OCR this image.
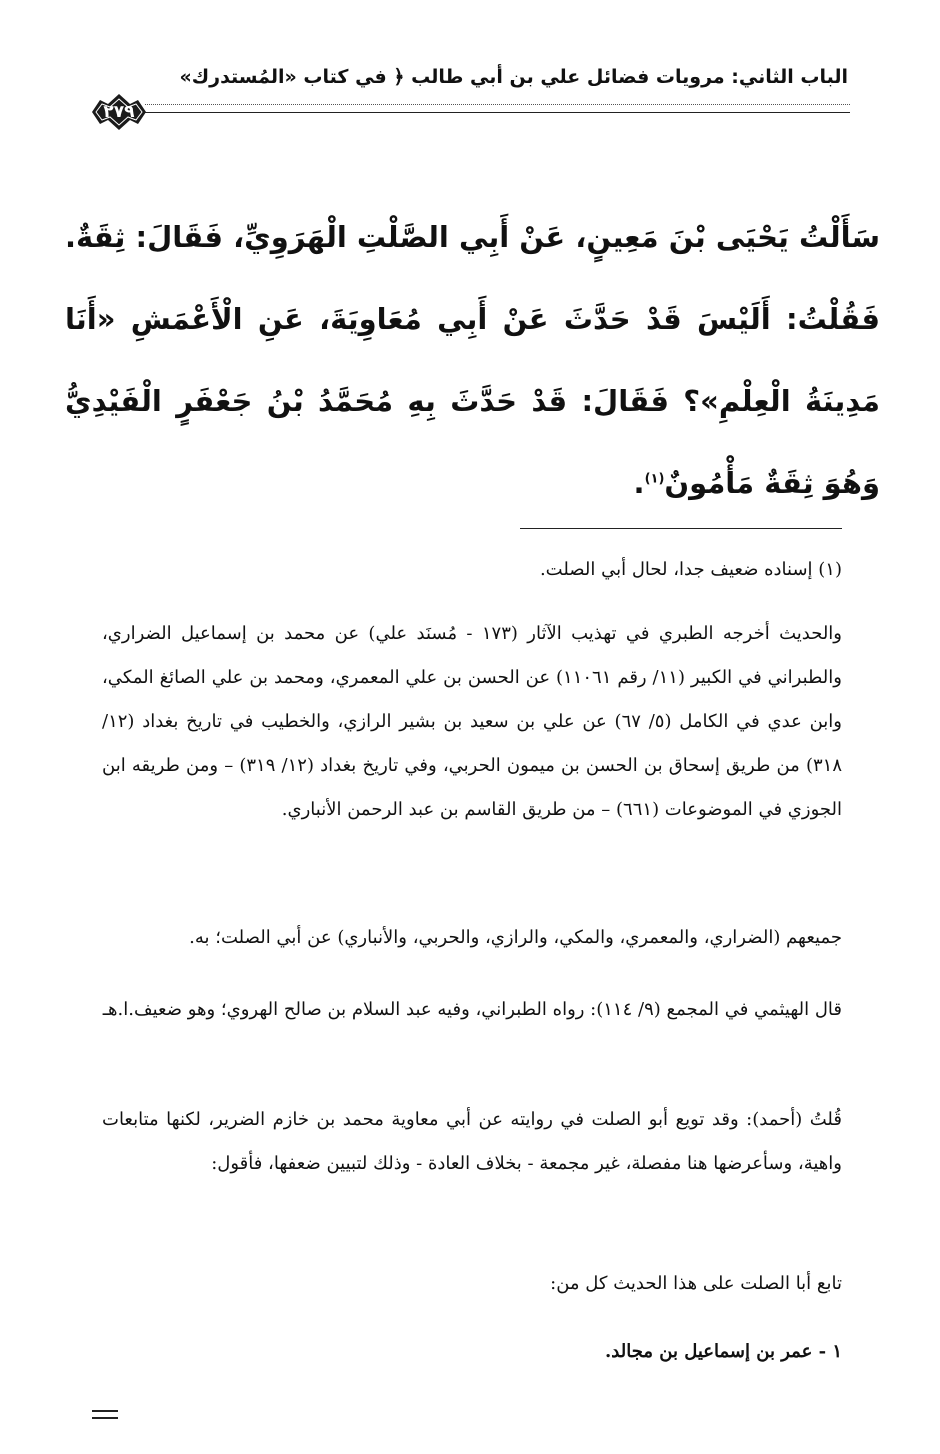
الباب الثاني: مرويات فضائل علي بن أبي طالب ﴿ في كتاب «المُستدرك»
٢٧٩
سَأَلْتُ يَحْيَى بْنَ مَعِينٍ، عَنْ أَبِي الصَّلْتِ الْهَرَوِيِّ، فَقَالَ: ثِقَةٌ. فَقُلْتُ: أَلَيْسَ قَدْ حَدَّثَ عَنْ أَبِي مُعَاوِيَةَ، عَنِ الْأَعْمَشِ «أَنَا مَدِينَةُ الْعِلْمِ»؟ فَقَالَ: قَدْ حَدَّثَ بِهِ مُحَمَّدُ بْنُ جَعْفَرٍ الْفَيْدِيُّ وَهُوَ ثِقَةٌ مَأْمُونٌ$^{(١)}$.
(١) إسناده ضعيف جدا، لحال أبي الصلت.
والحديث أخرجه الطبري في تهذيب الآثار (١٧٣ - مُسنَد علي) عن محمد بن إسماعيل الضراري، والطبراني في الكبير (١١/ رقم ١١٠٦١) عن الحسن بن علي المعمري، ومحمد بن علي الصائغ المكي، وابن عدي في الكامل (٥/ ٦٧) عن علي بن سعيد بن بشير الرازي، والخطيب في تاريخ بغداد (١٢/ ٣١٨) من طريق إسحاق بن الحسن بن ميمون الحربي، وفي تاريخ بغداد (١٢/ ٣١٩) – ومن طريقه ابن الجوزي في الموضوعات (٦٦١) – من طريق القاسم بن عبد الرحمن الأنباري.
جميعهم (الضراري، والمعمري، والمكي، والرازي، والحربي، والأنباري) عن أبي الصلت؛ به.
قال الهيثمي في المجمع (٩/ ١١٤): رواه الطبراني، وفيه عبد السلام بن صالح الهروي؛ وهو ضعيف.ا.هـ
قُلتُ (أحمد): وقد تويع أبو الصلت في روايته عن أبي معاوية محمد بن خازم الضرير، لكنها متابعات واهية، وسأعرضها هنا مفصلة، غير مجمعة - بخلاف العادة - وذلك لتبيين ضعفها، فأقول:
تابع أبا الصلت على هذا الحديث كل من:
١ - عمر بن إسماعيل بن مجالد.
